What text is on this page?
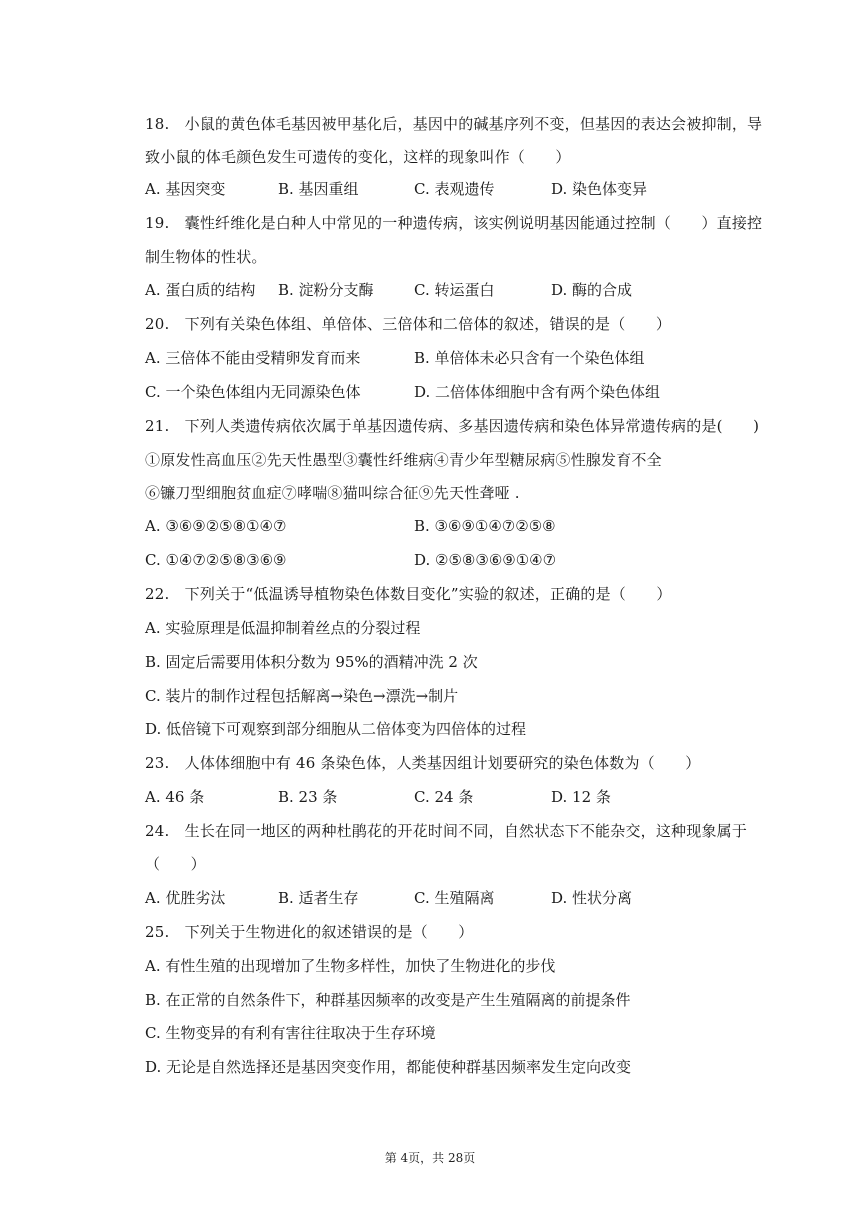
18.　小鼠的黄色体毛基因被甲基化后，基因中的碱基序列不变，但基因的表达会被抑制，导
致小鼠的体毛颜色发生可遗传的变化，这样的现象叫作（　　）
A. 基因突变	B. 基因重组	C. 表观遗传	D. 染色体变异
19.　囊性纤维化是白种人中常见的一种遗传病，该实例说明基因能通过控制（　　）直接控
制生物体的性状。
A. 蛋白质的结构 B. 淀粉分支酶	C. 转运蛋白	D. 酶的合成
20.　下列有关染色体组、单倍体、三倍体和二倍体的叙述，错误的是（　　）
A. 三倍体不能由受精卵发育而来	B. 单倍体未必只含有一个染色体组
C. 一个染色体组内无同源染色体	D. 二倍体体细胞中含有两个染色体组
21.　下列人类遗传病依次属于单基因遗传病、多基因遗传病和染色体异常遗传病的是(　　)
①原发性高血压②先天性愚型③囊性纤维病④青少年型糖尿病⑤性腺发育不全
⑥镰刀型细胞贫血症⑦哮喘⑧猫叫综合征⑨先天性聋哑 .
A. ③⑥⑨②⑤⑧①④⑦	B. ③⑥⑨①④⑦②⑤⑧
C. ①④⑦②⑤⑧③⑥⑨	D. ②⑤⑧③⑥⑨①④⑦
22.　下列关于“低温诱导植物染色体数目变化”实验的叙述，正确的是（　　）
A. 实验原理是低温抑制着丝点的分裂过程
B. 固定后需要用体积分数为 95%的酒精冲洗 2 次
C. 装片的制作过程包括解离→染色→漂洗→制片
D. 低倍镜下可观察到部分细胞从二倍体变为四倍体的过程
23.　人体体细胞中有 46 条染色体，人类基因组计划要研究的染色体数为（　　）
A. 46 条	B. 23 条	C. 24 条	D. 12 条
24.　生长在同一地区的两种杜鹃花的开花时间不同，自然状态下不能杂交，这种现象属于
（　　）
A. 优胜劣汰	B. 适者生存	C. 生殖隔离	D. 性状分离
25.　下列关于生物进化的叙述错误的是（　　）
A. 有性生殖的出现增加了生物多样性，加快了生物进化的步伐
B. 在正常的自然条件下，种群基因频率的改变是产生生殖隔离的前提条件
C. 生物变异的有利有害往往取决于生存环境
D. 无论是自然选择还是基因突变作用，都能使种群基因频率发生定向改变
第 4页，共 28页
